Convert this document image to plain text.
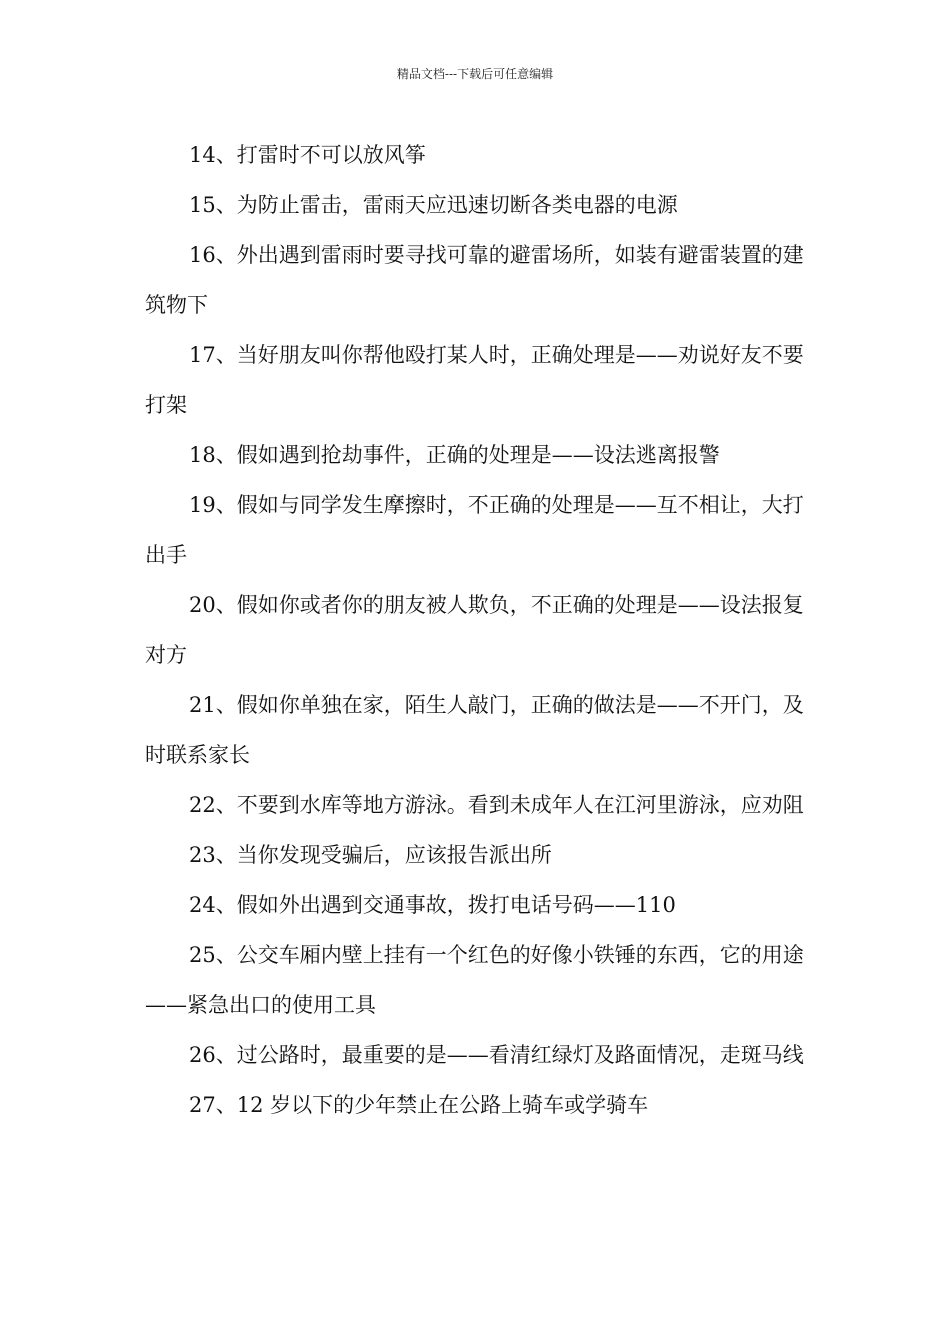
精品文档---下载后可任意编辑

14、打雷时不可以放风筝

15、为防止雷击，雷雨天应迅速切断各类电器的电源

16、外出遇到雷雨时要寻找可靠的避雷场所，如装有避雷装置的建筑物下

17、当好朋友叫你帮他殴打某人时，正确处理是——劝说好友不要打架

18、假如遇到抢劫事件，正确的处理是——设法逃离报警

19、假如与同学发生摩擦时，不正确的处理是——互不相让，大打出手

20、假如你或者你的朋友被人欺负，不正确的处理是——设法报复对方

21、假如你单独在家，陌生人敲门，正确的做法是——不开门，及时联系家长

22、不要到水库等地方游泳。看到未成年人在江河里游泳，应劝阻

23、当你发现受骗后，应该报告派出所

24、假如外出遇到交通事故，拨打电话号码——110

25、公交车厢内壁上挂有一个红色的好像小铁锤的东西，它的用途——紧急出口的使用工具

26、过公路时，最重要的是——看清红绿灯及路面情况，走斑马线

27、12 岁以下的少年禁止在公路上骑车或学骑车
